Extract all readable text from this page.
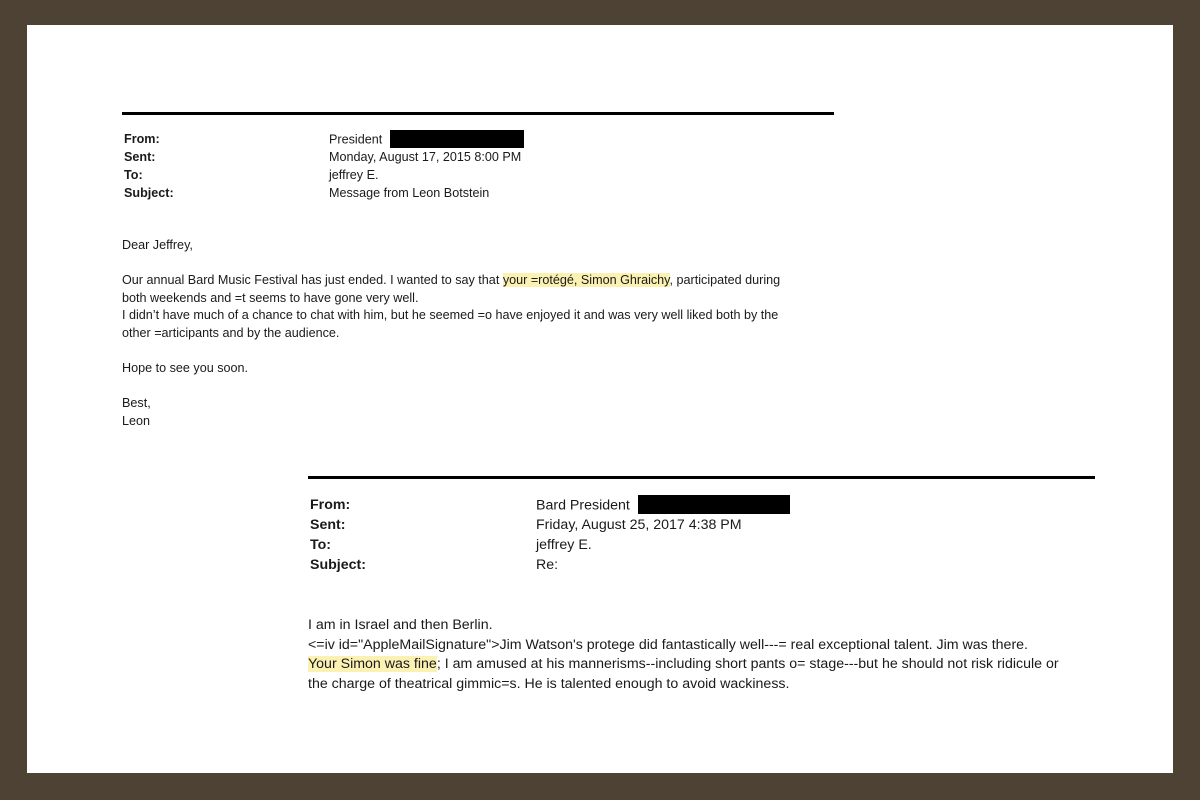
From:	President
Sent:	Monday, August 17, 2015 8:00 PM
To:	jeffrey E.
Subject:	Message from Leon Botstein

Dear Jeffrey,

Our annual Bard Music Festival has just ended. I wanted to say that your =rotégé, Simon Ghraichy, participated during

both weekends and =t seems to have gone very well.

I didn’t have much of a chance to chat with him, but he seemed =o have enjoyed it and was very well liked both by the

other =articipants and by the audience.

Hope to see you soon.

Best,

Leon

From:	Bard President
Sent:	Friday, August 25, 2017 4:38 PM
To:	jeffrey E.
Subject:	Re:

I am in Israel and then Berlin.

<=iv id="AppleMailSignature">Jim Watson's protege did fantastically well---= real exceptional talent. Jim was there.

Your Simon was fine; I am amused at his mannerisms--including short pants o= stage---but he should not risk ridicule or

the charge of theatrical gimmic=s. He is talented enough to avoid wackiness.
